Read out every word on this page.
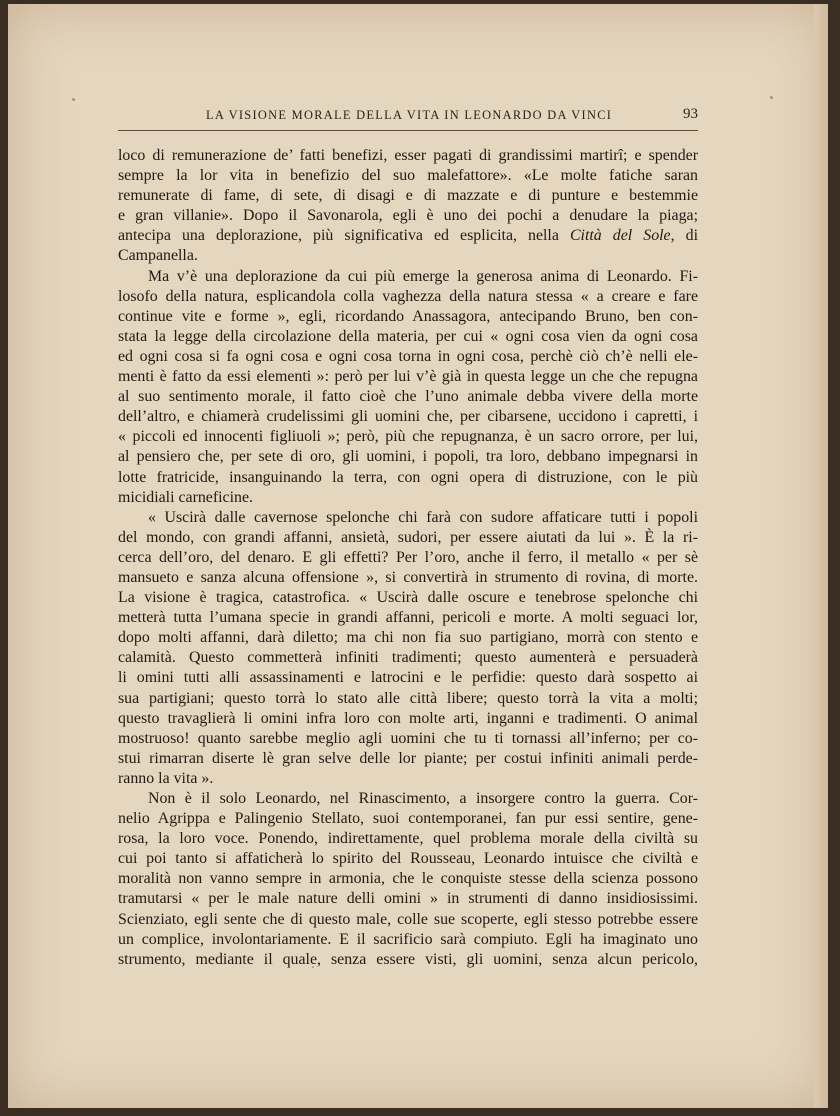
LA VISIONE MORALE DELLA VITA IN LEONARDO DA VINCI	93
loco di remunerazione de’ fatti benefizi, esser pagati di grandissimi martirî; e spender
sempre la lor vita in benefizio del suo malefattore». «Le molte fatiche saran
remunerate di fame, di sete, di disagi e di mazzate e di punture e bestemmie
e gran villanie». Dopo il Savonarola, egli è uno dei pochi a denudare la piaga;
antecipa una deplorazione, più significativa ed esplicita, nella Città del Sole, di
Campanella.
Ma v’è una deplorazione da cui più emerge la generosa anima di Leonardo. Fi-
losofo della natura, esplicandola colla vaghezza della natura stessa « a creare e fare
continue vite e forme », egli, ricordando Anassagora, antecipando Bruno, ben con-
stata la legge della circolazione della materia, per cui « ogni cosa vien da ogni cosa
ed ogni cosa si fa ogni cosa e ogni cosa torna in ogni cosa, perchè ciò ch’è nelli ele-
menti è fatto da essi elementi »: però per lui v’è già in questa legge un che che repugna
al suo sentimento morale, il fatto cioè che l’uno animale debba vivere della morte
dell’altro, e chiamerà crudelissimi gli uomini che, per cibarsene, uccidono i capretti, i
« piccoli ed innocenti figliuoli »; però, più che repugnanza, è un sacro orrore, per lui,
al pensiero che, per sete di oro, gli uomini, i popoli, tra loro, debbano impegnarsi in
lotte fratricide, insanguinando la terra, con ogni opera di distruzione, con le più
micidiali carneficine.
« Uscirà dalle cavernose spelonche chi farà con sudore affaticare tutti i popoli
del mondo, con grandi affanni, ansietà, sudori, per essere aiutati da lui ». È la ri-
cerca dell’oro, del denaro. E gli effetti? Per l’oro, anche il ferro, il metallo « per sè
mansueto e sanza alcuna offensione », si convertirà in strumento di rovina, di morte.
La visione è tragica, catastrofica. « Uscirà dalle oscure e tenebrose spelonche chi
metterà tutta l’umana specie in grandi affanni, pericoli e morte. A molti seguaci lor,
dopo molti affanni, darà diletto; ma chi non fia suo partigiano, morrà con stento e
calamità. Questo commetterà infiniti tradimenti; questo aumenterà e persuaderà
li omini tutti alli assassinamenti e latrocini e le perfidie: questo darà sospetto ai
sua partigiani; questo torrà lo stato alle città libere; questo torrà la vita a molti;
questo travaglierà li omini infra loro con molte arti, inganni e tradimenti. O animal
mostruoso! quanto sarebbe meglio agli uomini che tu ti tornassi all’inferno; per co-
stui rimarran diserte lè gran selve delle lor piante; per costui infiniti animali perde-
ranno la vita ».
Non è il solo Leonardo, nel Rinascimento, a insorgere contro la guerra. Cor-
nelio Agrippa e Palingenio Stellato, suoi contemporanei, fan pur essi sentire, gene-
rosa, la loro voce. Ponendo, indirettamente, quel problema morale della civiltà su
cui poi tanto si affaticherà lo spirito del Rousseau, Leonardo intuisce che civiltà e
moralità non vanno sempre in armonia, che le conquiste stesse della scienza possono
tramutarsi « per le male nature delli omini » in strumenti di danno insidiosissimi.
Scienziato, egli sente che di questo male, colle sue scoperte, egli stesso potrebbe essere
un complice, involontariamente. E il sacrificio sarà compiuto. Egli ha imaginato uno
strumento, mediante il quale, senza essere visti, gli uomini, senza alcun pericolo,
